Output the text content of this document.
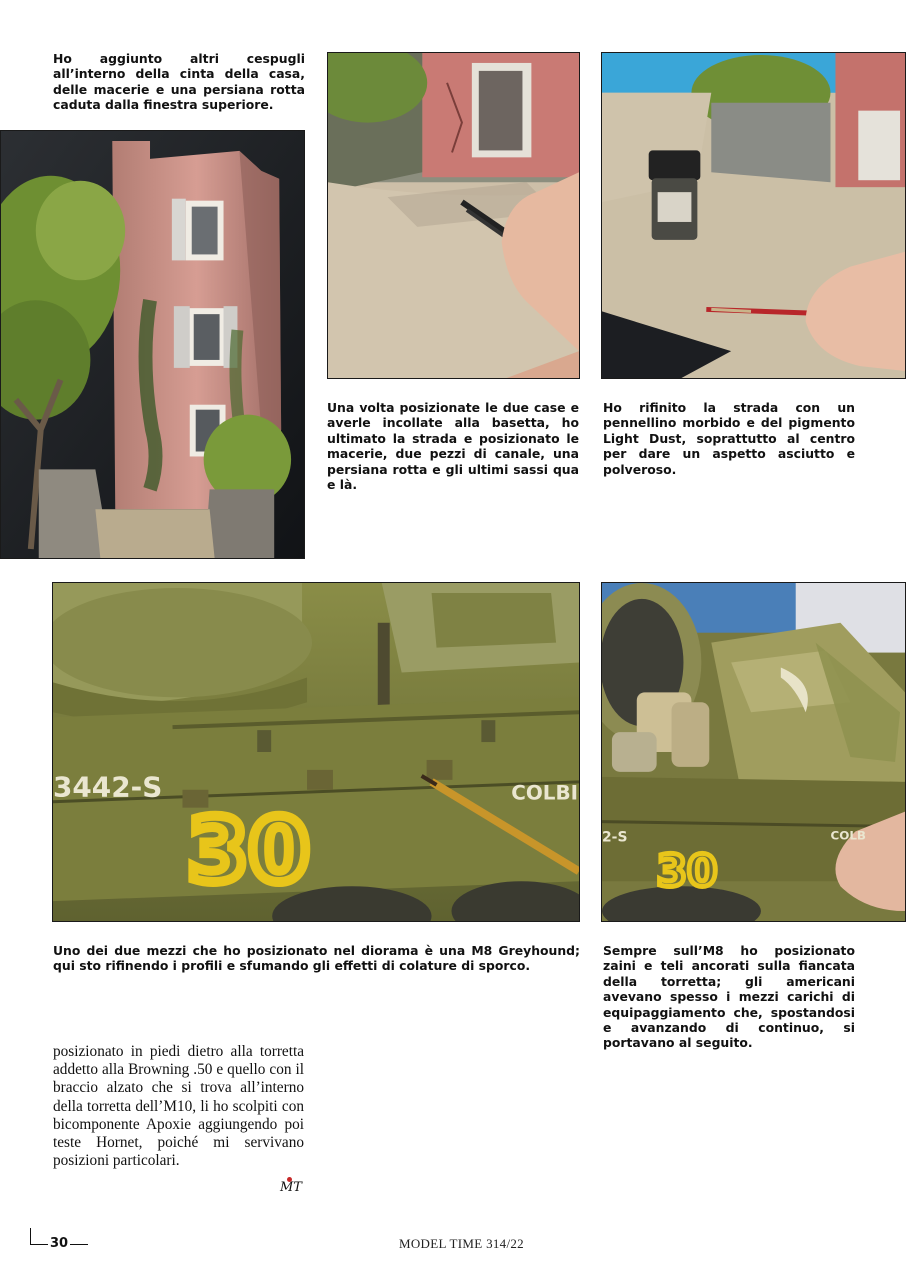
Ho aggiunto altri cespugli all’interno della cinta della casa, delle macerie e una persiana rotta caduta dalla finestra superiore.
Una volta posizionate le due case e averle incollate alla basetta, ho ultimato la strada e posizionato le macerie, due pezzi di canale, una persiana rotta e gli ultimi sassi qua e là.
Ho rifinito la strada con un pennellino morbido e del pigmento Light Dust, soprattutto al centro per dare un aspetto asciutto e polveroso.
3442-S	COLBI
30	2-S	COLB
30
Uno dei due mezzi che ho posizionato nel diorama è una M8 Greyhound; qui sto rifinendo i profili e sfumando gli effetti di colature di sporco.
Sempre sull’M8 ho posizionato zaini e teli ancorati sulla fiancata della torretta; gli americani avevano spesso i mezzi carichi di equipaggiamento che, spostandosi e avanzando di continuo, si portavano al seguito.
posizionato in piedi dietro alla torretta addetto alla Browning .50 e quello con il braccio alzato che si trova all’interno della torretta dell’M10, li ho scolpiti con bicomponente Apoxie aggiungendo poi teste Hornet, poiché mi servivano posizioni particolari.
MT
30	MODEL TIME 314/22
